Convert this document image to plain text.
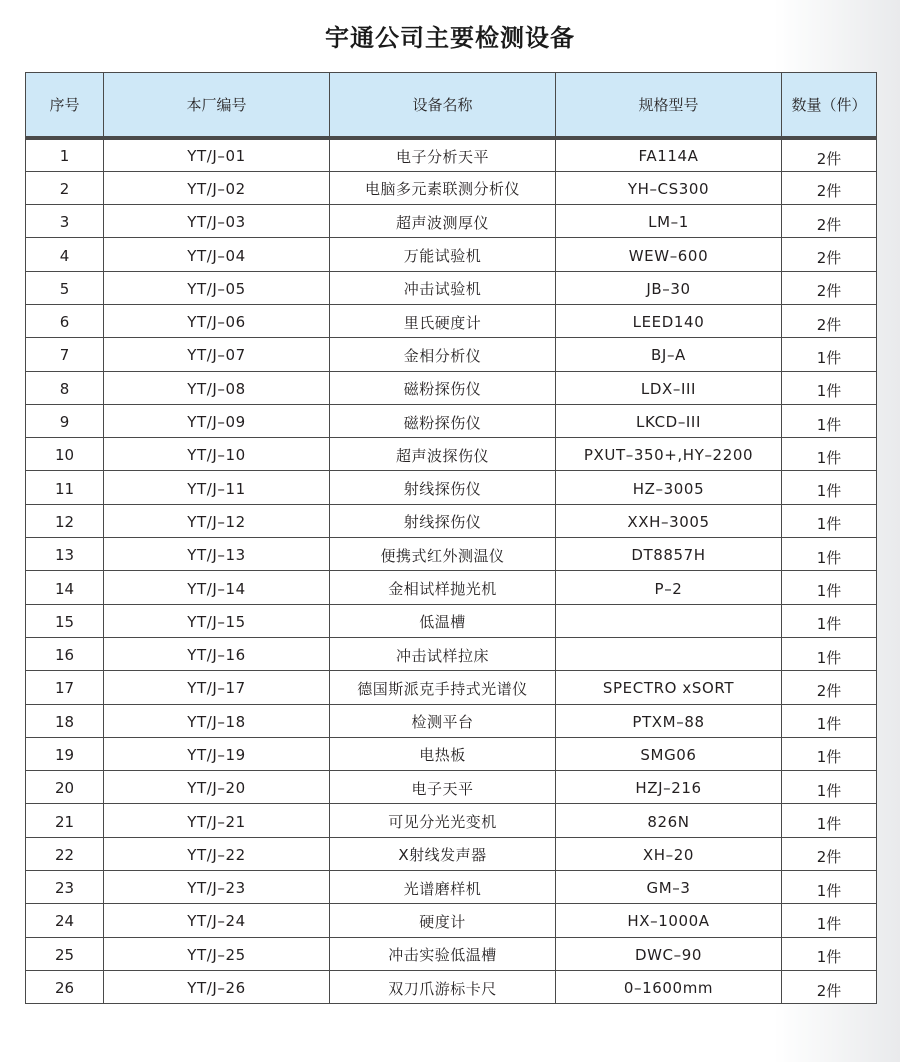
宇通公司主要检测设备
序号	本厂编号	设备名称	规格型号	数量（件）
1	YT/J–01	电子分析天平	FA114A	2件
2	YT/J–02	电脑多元素联测分析仪	YH–CS300	2件
3	YT/J–03	超声波测厚仪	LM–1	2件
4	YT/J–04	万能试验机	WEW–600	2件
5	YT/J–05	冲击试验机	JB–30	2件
6	YT/J–06	里氏硬度计	LEED140	2件
7	YT/J–07	金相分析仪	BJ–A	1件
8	YT/J–08	磁粉探伤仪	LDX–III	1件
9	YT/J–09	磁粉探伤仪	LKCD–III	1件
10	YT/J–10	超声波探伤仪	PXUT–350+,HY–2200	1件
11	YT/J–11	射线探伤仪	HZ–3005	1件
12	YT/J–12	射线探伤仪	XXH–3005	1件
13	YT/J–13	便携式红外测温仪	DT8857H	1件
14	YT/J–14	金相试样抛光机	P–2	1件
15	YT/J–15	低温槽		1件
16	YT/J–16	冲击试样拉床		1件
17	YT/J–17	德国斯派克手持式光谱仪	SPECTRO xSORT	2件
18	YT/J–18	检测平台	PTXM–88	1件
19	YT/J–19	电热板	SMG06	1件
20	YT/J–20	电子天平	HZJ–216	1件
21	YT/J–21	可见分光光变机	826N	1件
22	YT/J–22	X射线发声器	XH–20	2件
23	YT/J–23	光谱磨样机	GM–3	1件
24	YT/J–24	硬度计	HX–1000A	1件
25	YT/J–25	冲击实验低温槽	DWC–90	1件
26	YT/J–26	双刀爪游标卡尺	0–1600mm	2件
